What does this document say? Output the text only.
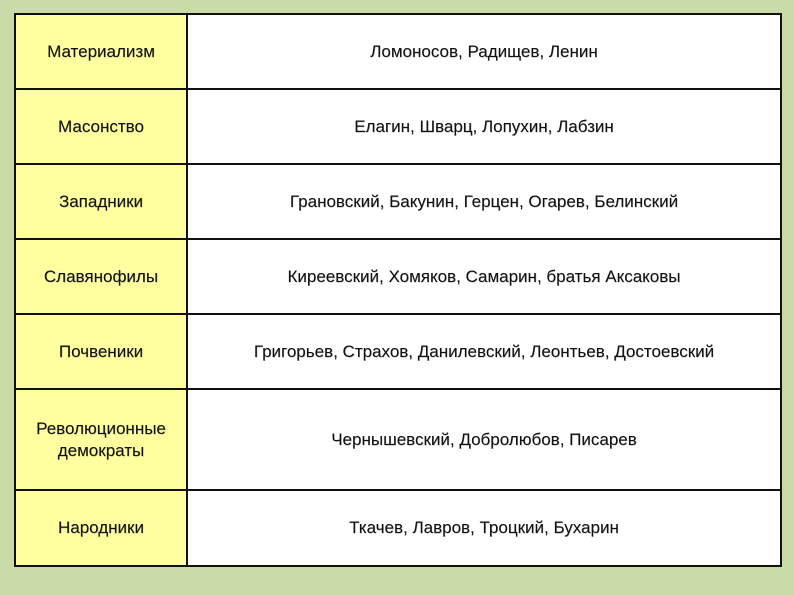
Материализм	Ломоносов, Радищев, Ленин
Масонство	Елагин, Шварц, Лопухин, Лабзин
Западники	Грановский, Бакунин, Герцен, Огарев, Белинский
Славянофилы	Киреевский, Хомяков, Самарин, братья Аксаковы
Почвеники	Григорьев, Страхов, Данилевский, Леонтьев, Достоевский
Революционные демократы	Чернышевский, Добролюбов, Писарев
Народники	Ткачев, Лавров, Троцкий, Бухарин
